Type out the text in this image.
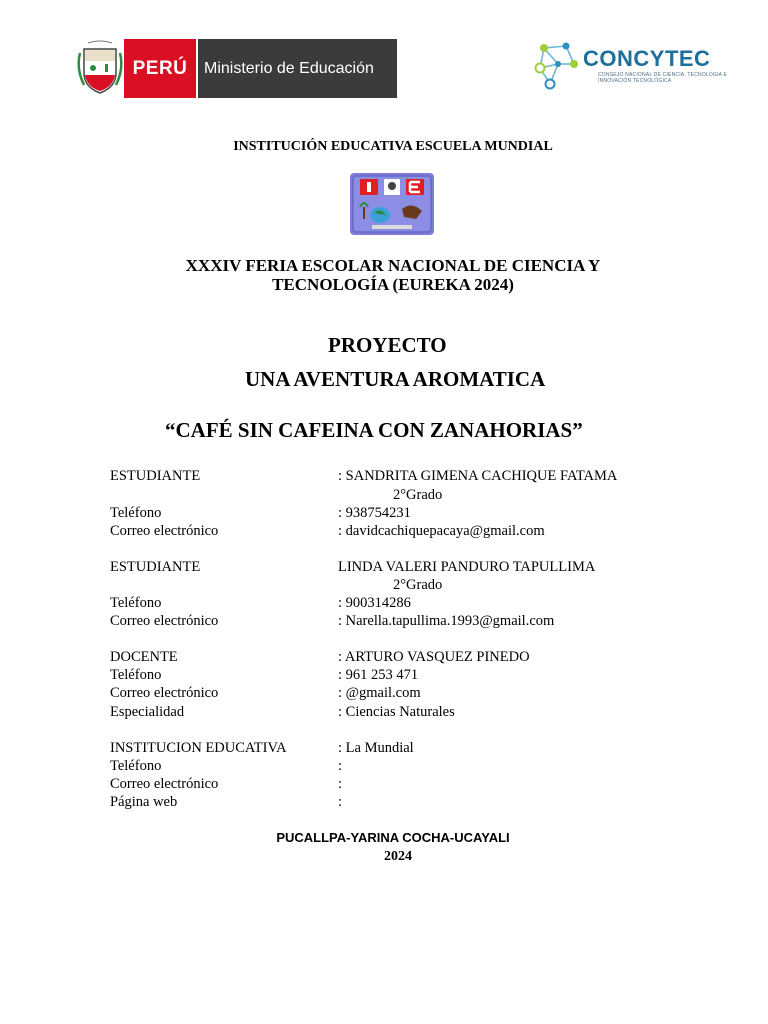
PERÚ	Ministerio de Educación	CONCYTEC
CONSEJO NACIONAL DE CIENCIA, TECNOLOGÍA E INNOVACIÓN TECNOLÓGICA
INSTITUCIÓN EDUCATIVA ESCUELA MUNDIAL
XXXIV FERIA ESCOLAR NACIONAL DE CIENCIA Y TECNOLOGÍA (EUREKA 2024)
PROYECTO
UNA AVENTURA AROMATICA
“CAFÉ SIN CAFEINA CON ZANAHORIAS”
ESTUDIANTE	: SANDRITA GIMENA CACHIQUE FATAMA
2°Grado
Teléfono	: 938754231
Correo electrónico	: davidcachiquepacaya@gmail.com
ESTUDIANTE	LINDA VALERI PANDURO TAPULLIMA
2°Grado
Teléfono	: 900314286
Correo electrónico	: Narella.tapullima.1993@gmail.com
DOCENTE	: ARTURO VASQUEZ PINEDO
Teléfono	: 961 253 471
Correo electrónico	: @gmail.com
Especialidad	: Ciencias Naturales
INSTITUCION EDUCATIVA	: La Mundial
Teléfono	:
Correo electrónico	:
Página web	:
PUCALLPA-YARINA COCHA-UCAYALI
2024
